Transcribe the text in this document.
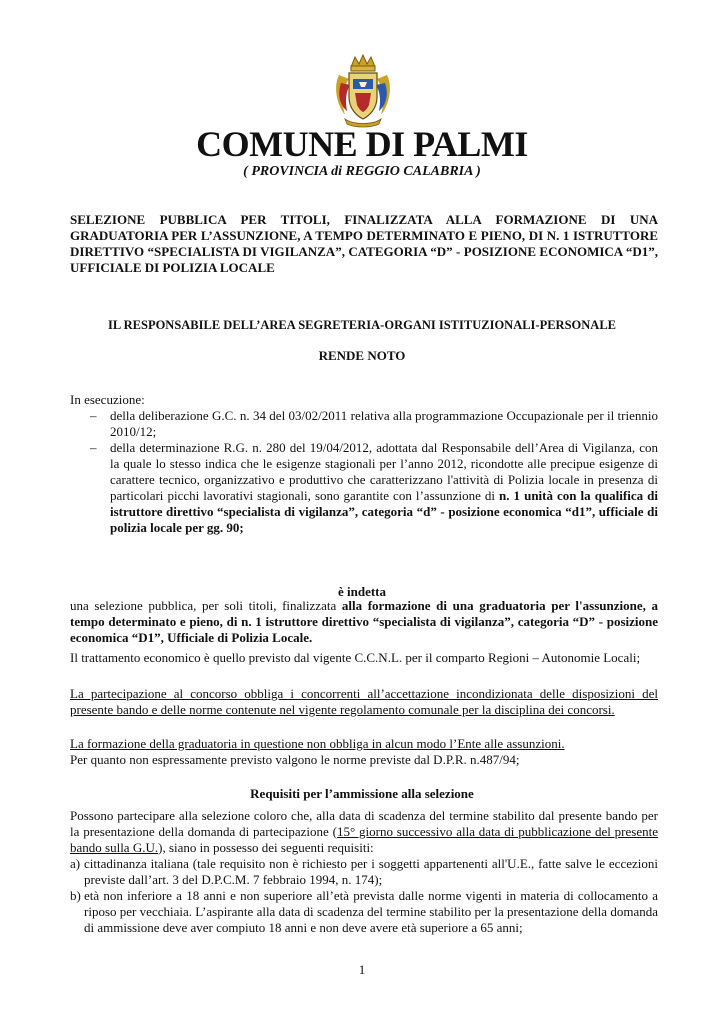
COMUNE DI PALMI
( PROVINCIA di REGGIO CALABRIA )
SELEZIONE PUBBLICA PER TITOLI, FINALIZZATA ALLA FORMAZIONE DI UNA GRADUATORIA PER L’ASSUNZIONE, A TEMPO DETERMINATO E PIENO, DI N. 1 ISTRUTTORE DIRETTIVO “SPECIALISTA DI VIGILANZA”, CATEGORIA “D” - POSIZIONE ECONOMICA “D1”, UFFICIALE DI POLIZIA LOCALE
IL RESPONSABILE DELL’AREA SEGRETERIA-ORGANI ISTITUZIONALI-PERSONALE
RENDE NOTO
In esecuzione:
– della deliberazione G.C. n. 34 del 03/02/2011 relativa alla programmazione Occupazionale per il triennio 2010/12;
– della determinazione R.G. n. 280 del 19/04/2012, adottata dal Responsabile dell’Area di Vigilanza, con la quale lo stesso indica che le esigenze stagionali per l’anno 2012, ricondotte alle precipue esigenze di carattere tecnico, organizzativo e produttivo che caratterizzano l'attività di Polizia locale in presenza di particolari picchi lavorativi stagionali, sono garantite con l’assunzione di n. 1 unità con la qualifica di istruttore direttivo “specialista di vigilanza”, categoria “d” - posizione economica “d1”, ufficiale di polizia locale per gg. 90;
è indetta
una selezione pubblica, per soli titoli, finalizzata alla formazione di una graduatoria per l'assunzione, a tempo determinato e pieno, di n. 1 istruttore direttivo “specialista di vigilanza”, categoria “D” - posizione economica “D1”, Ufficiale di Polizia Locale.
Il trattamento economico è quello previsto dal vigente C.C.N.L. per il comparto Regioni – Autonomie Locali;
La partecipazione al concorso obbliga i concorrenti all’accettazione incondizionata delle disposizioni del presente bando e delle norme contenute nel vigente regolamento comunale per la disciplina dei concorsi.
La formazione della graduatoria in questione non obbliga in alcun modo l’Ente alle assunzioni.
Per quanto non espressamente previsto valgono le norme previste dal D.P.R. n.487/94;
Requisiti per l’ammissione alla selezione
Possono partecipare alla selezione coloro che, alla data di scadenza del termine stabilito dal presente bando per la presentazione della domanda di partecipazione (15° giorno successivo alla data di pubblicazione del presente bando sulla G.U.), siano in possesso dei seguenti requisiti:
a) cittadinanza italiana (tale requisito non è richiesto per i soggetti appartenenti all'U.E., fatte salve le eccezioni previste dall’art. 3 del D.P.C.M. 7 febbraio 1994, n. 174);
b) età non inferiore a 18 anni e non superiore all’età prevista dalle norme vigenti in materia di collocamento a riposo per vecchiaia. L’aspirante alla data di scadenza del termine stabilito per la presentazione della domanda di ammissione deve aver compiuto 18 anni e non deve avere età superiore a 65 anni;
1
